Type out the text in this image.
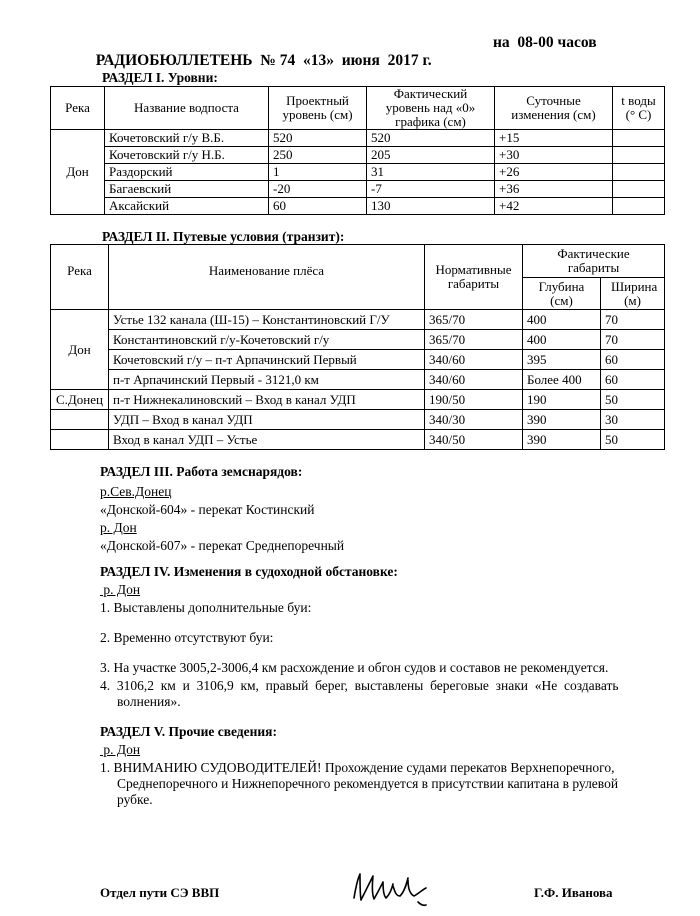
РАДИОБЮЛЛЕТЕНЬ  № 74  «13»  июня  2017 г.

на  08-00 часов

РАЗДЕЛ I. Уровни:
Река	Название водпоста	Проектный уровень (см)	Фактический уровень над «0» графика (см)	Суточные изменения (см)	t воды (° С)
Дон	Кочетовский г/у В.Б.	520	520	+15	
	Кочетовский г/у Н.Б.	250	205	+30	
	Раздорский	1	31	+26	
	Багаевский	-20	-7	+36	
	Аксайский	60	130	+42	
РАЗДЕЛ II. Путевые условия (транзит):
Река	Наименование плёса	Нормативные габариты	Фактические габариты	
			Глубина (см)	Ширина (м)
Дон	Устье 132 канала (Ш-15) – Константиновский Г/У	365/70	400	70
	Константиновский г/у-Кочетовский г/у	365/70	400	70
	Кочетовский г/у – п-т Арпачинский Первый	340/60	395	60
	п-т Арпачинский Первый - 3121,0 км	340/60	Более 400	60
С.Донец	п-т Нижнекалиновский – Вход в канал УДП	190/50	190	50
	УДП – Вход в канал УДП	340/30	390	30
	Вход в канал УДП – Устье	340/50	390	50
РАЗДЕЛ III. Работа земснарядов:
р.Сев.Донец
«Донской-604» - перекат Костинский
р. Дон
«Донской-607» - перекат Среднепоречный
РАЗДЕЛ IV. Изменения в судоходной обстановке:
р. Дон
1. Выставлены дополнительные буи:
2. Временно отсутствуют буи:
3. На участке 3005,2-3006,4 км расхождение и обгон судов и составов не рекомендуется.
4.  3106,2  км  и  3106,9  км,  правый  берег,  выставлены  береговые  знаки  «Не  создавать
волнения».
РАЗДЕЛ V. Прочие сведения:
р. Дон
1. ВНИМАНИЮ СУДОВОДИТЕЛЕЙ! Прохождение судами перекатов Верхнепоречного,
Среднепоречного и Нижнепоречного рекомендуется в присутствии капитана в рулевой
рубке.
Отдел пути СЭ ВВП	Г.Ф. Иванова
